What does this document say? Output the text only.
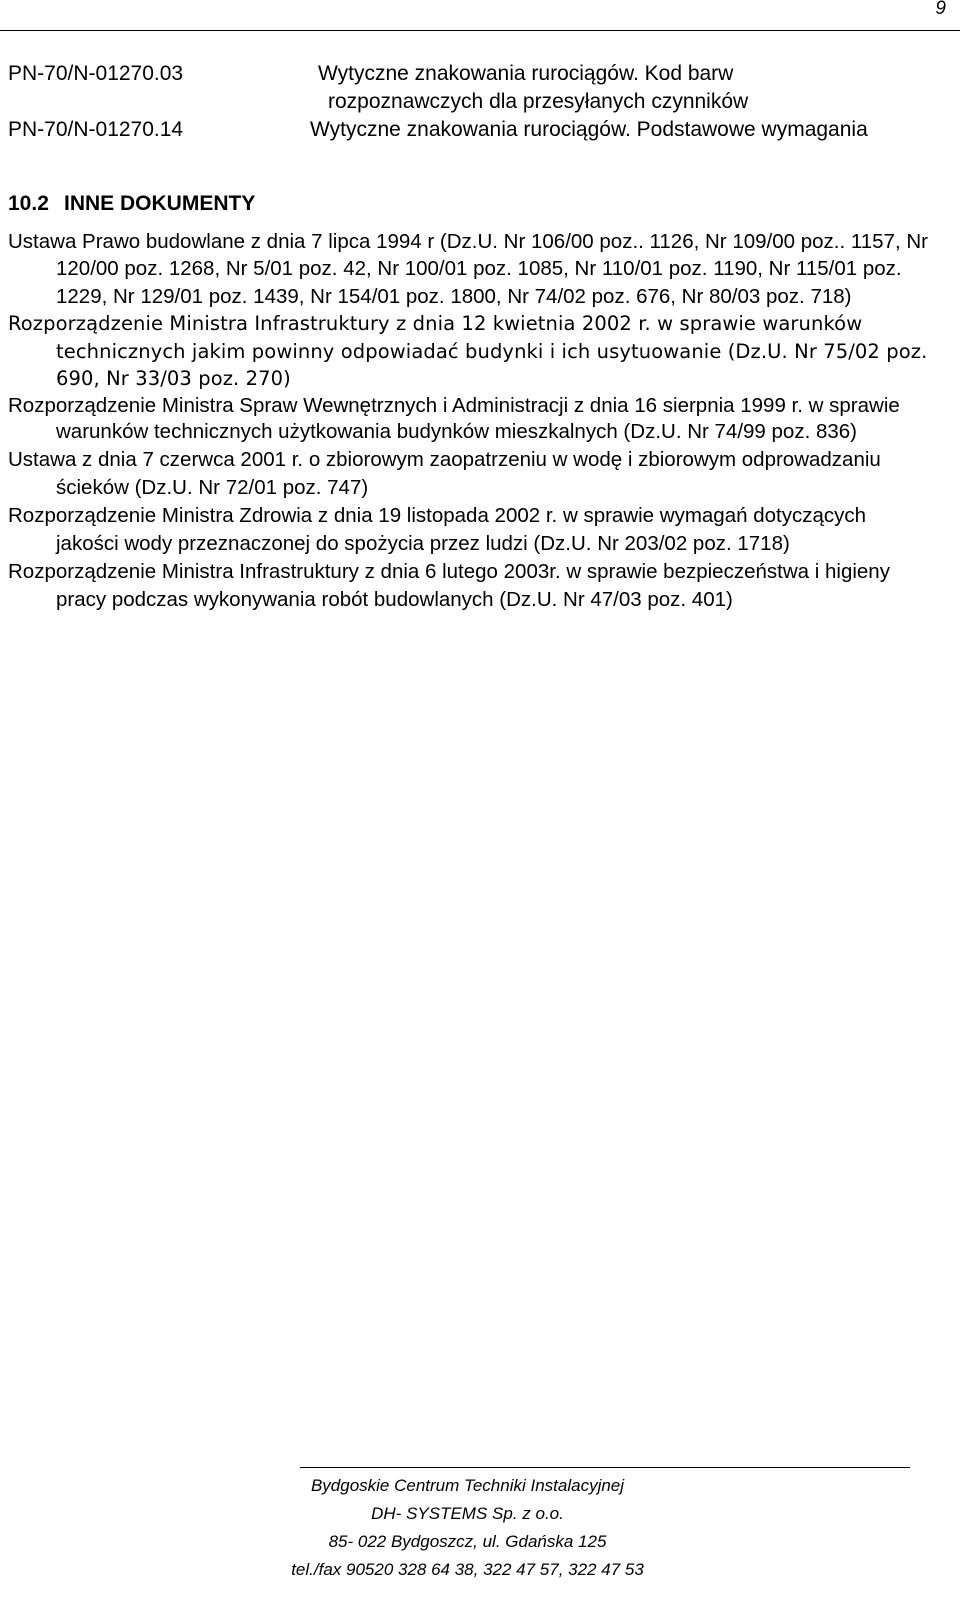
9
PN-70/N-01270.03	Wytyczne znakowania rurociągów. Kod barw
rozpoznawczych dla przesyłanych czynników
PN-70/N-01270.14	Wytyczne znakowania rurociągów. Podstawowe wymagania
10.2 INNE DOKUMENTY

Ustawa Prawo budowlane z dnia 7 lipca 1994 r (Dz.U. Nr 106/00 poz.. 1126, Nr 109/00 poz.. 1157, Nr 120/00 poz. 1268, Nr 5/01 poz. 42, Nr 100/01 poz. 1085, Nr 110/01 poz. 1190, Nr 115/01 poz. 1229, Nr 129/01 poz. 1439, Nr 154/01 poz. 1800, Nr 74/02 poz. 676, Nr 80/03 poz. 718)

Rozporządzenie Ministra Infrastruktury z dnia 12 kwietnia 2002 r. w sprawie warunków technicznych jakim powinny odpowiadać budynki i ich usytuowanie (Dz.U. Nr 75/02 poz. 690, Nr 33/03 poz. 270)

Rozporządzenie Ministra Spraw Wewnętrznych i Administracji z dnia 16 sierpnia 1999 r. w sprawie warunków technicznych użytkowania budynków mieszkalnych (Dz.U. Nr 74/99 poz. 836)

Ustawa z dnia 7 czerwca 2001 r. o zbiorowym zaopatrzeniu w wodę i zbiorowym odprowadzaniu ścieków (Dz.U. Nr 72/01 poz. 747)

Rozporządzenie Ministra Zdrowia z dnia 19 listopada 2002 r. w sprawie wymagań dotyczących jakości wody przeznaczonej do spożycia przez ludzi (Dz.U. Nr 203/02 poz. 1718)

Rozporządzenie Ministra Infrastruktury z dnia 6 lutego 2003r. w sprawie bezpieczeństwa i higieny pracy podczas wykonywania robót budowlanych (Dz.U. Nr 47/03 poz. 401)

Bydgoskie Centrum Techniki Instalacyjnej
DH- SYSTEMS Sp. z o.o.
85- 022 Bydgoszcz, ul. Gdańska 125
tel./fax 90520 328 64 38, 322 47 57, 322 47 53
